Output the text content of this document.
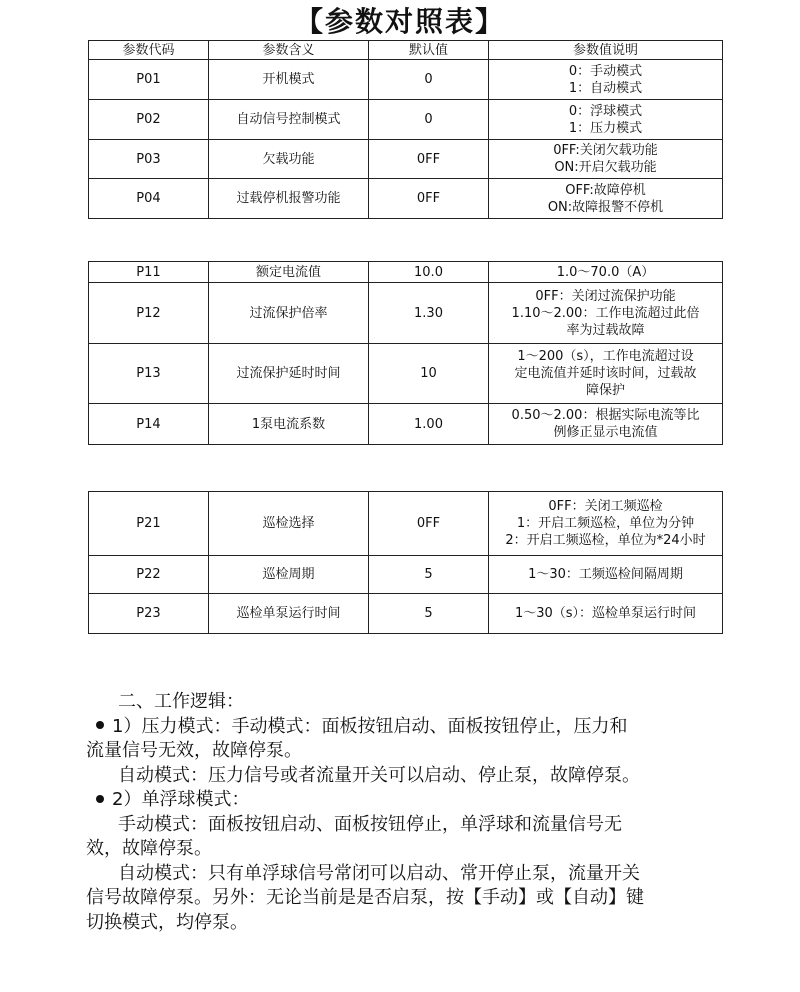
【参数对照表】
参数代码	参数含义	默认值	参数值说明
P01	开机模式	0	0：手动模式
1：自动模式
P02	自动信号控制模式	0	0：浮球模式
1：压力模式
P03	欠载功能	0FF	0FF:关闭欠载功能
ON:开启欠载功能
P04	过载停机报警功能	0FF	OFF:故障停机
ON:故障报警不停机
P11	额定电流值	10.0	1.0～70.0（A）
P12	过流保护倍率	1.30	0FF：关闭过流保护功能
1.10～2.00：工作电流超过此倍
率为过载故障
P13	过流保护延时时间	10	1～200（s），工作电流超过设
定电流值并延时该时间，过载故
障保护
P14	1泵电流系数	1.00	0.50～2.00：根据实际电流等比
例修正显示电流值
P21	巡检选择	0FF	0FF：关闭工频巡检
1：开启工频巡检，单位为分钟
2：开启工频巡检，单位为*24小时
P22	巡检周期	5	1～30：工频巡检间隔周期
P23	巡检单泵运行时间	5	1～30（s）：巡检单泵运行时间

二、工作逻辑：

1）压力模式：手动模式：面板按钮启动、面板按钮停止，压力和

流量信号无效，故障停泵。

自动模式：压力信号或者流量开关可以启动、停止泵，故障停泵。

2）单浮球模式：

手动模式：面板按钮启动、面板按钮停止，单浮球和流量信号无

效，故障停泵。

自动模式：只有单浮球信号常闭可以启动、常开停止泵，流量开关

信号故障停泵。另外：无论当前是是否启泵，按【手动】或【自动】键

切换模式，均停泵。
